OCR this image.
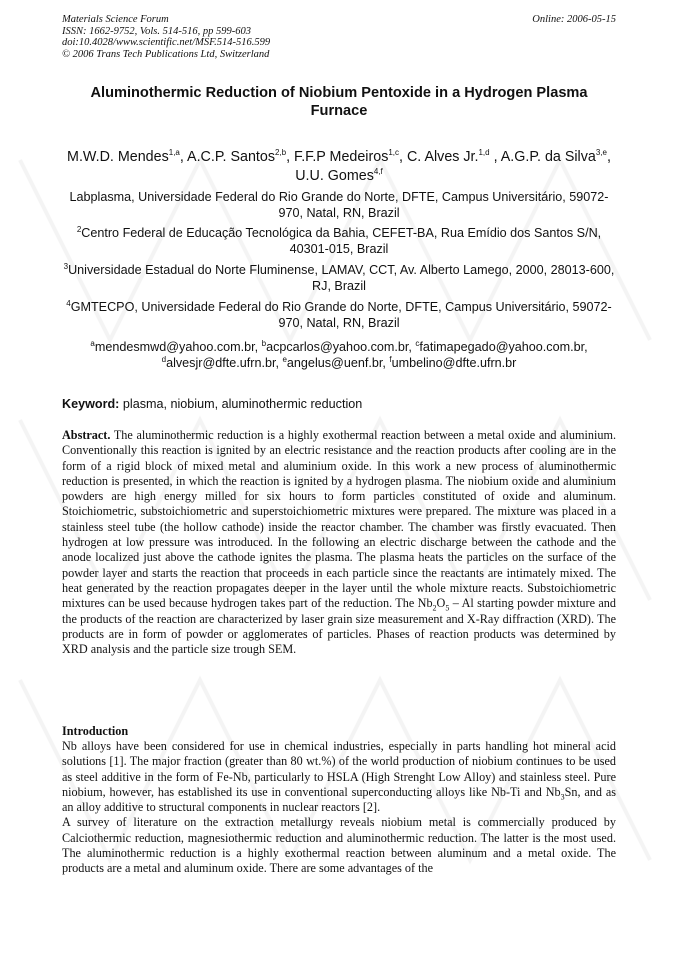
Materials Science Forum
ISSN: 1662-9752, Vols. 514-516, pp 599-603
doi:10.4028/www.scientific.net/MSF.514-516.599
© 2006 Trans Tech Publications Ltd, Switzerland
Online: 2006-05-15
Aluminothermic Reduction of Niobium Pentoxide in a Hydrogen Plasma Furnace
M.W.D. Mendes$^{1,a}$, A.C.P. Santos$^{2,b}$, F.F.P Medeiros$^{1,c}$, C. Alves Jr.$^{1,d}$ , A.G.P. da Silva$^{3,e}$, U.U. Gomes$^{4,f}$
Labplasma, Universidade Federal do Rio Grande do Norte, DFTE, Campus Universitário, 59072-970, Natal, RN, Brazil
$^2$Centro Federal de Educação Tecnológica da Bahia, CEFET-BA, Rua Emídio dos Santos S/N, 40301-015, Brazil
$^3$Universidade Estadual do Norte Fluminense, LAMAV, CCT, Av. Alberto Lamego, 2000, 28013-600, RJ, Brazil
$^4$GMTECPO, Universidade Federal do Rio Grande do Norte, DFTE, Campus Universitário, 59072-970, Natal, RN, Brazil
$^a$mendesmwd@yahoo.com.br, $^b$acpcarlos@yahoo.com.br, $^c$fatimapegado@yahoo.com.br,
$^d$alvesjr@dfte.ufrn.br, $^e$angelus@uenf.br, $^f$umbelino@dfte.ufrn.br
Keyword: plasma, niobium, aluminothermic reduction
Abstract. The aluminothermic reduction is a highly exothermal reaction between a metal oxide and aluminium. Conventionally this reaction is ignited by an electric resistance and the reaction products after cooling are in the form of a rigid block of mixed metal and aluminium oxide. In this work a new process of aluminothermic reduction is presented, in which the reaction is ignited by a hydrogen plasma. The niobium oxide and aluminium powders are high energy milled for six hours to form particles constituted of oxide and aluminum. Stoichiometric, substoichiometric and superstoichiometric mixtures were prepared. The mixture was placed in a stainless steel tube (the hollow cathode) inside the reactor chamber. The chamber was firstly evacuated. Then hydrogen at low pressure was introduced. In the following an electric discharge between the cathode and the anode localized just above the cathode ignites the plasma. The plasma heats the particles on the surface of the powder layer and starts the reaction that proceeds in each particle since the reactants are intimately mixed. The heat generated by the reaction propagates deeper in the layer until the whole mixture reacts. Substoichiometric mixtures can be used because hydrogen takes part of the reduction. The $Nb_2O_5$ – Al starting powder mixture and the products of the reaction are characterized by laser grain size measurement and X-Ray diffraction (XRD). The products are in form of powder or agglomerates of particles. Phases of reaction products was determined by XRD analysis and the particle size trough SEM.
Introduction

Nb alloys have been considered for use in chemical industries, especially in parts handling hot mineral acid solutions [1]. The major fraction (greater than 80 wt.%) of the world production of niobium continues to be used as steel additive in the form of Fe-Nb, particularly to HSLA (High Strenght Low Alloy) and stainless steel. Pure niobium, however, has established its use in conventional superconducting alloys like Nb-Ti and $Nb_3Sn$, and as an alloy additive to structural components in nuclear reactors [2].

A survey of literature on the extraction metallurgy reveals niobium metal is commercially produced by Calciothermic reduction, magnesiothermic reduction and aluminothermic reduction. The latter is the most used. The aluminothermic reduction is a highly exothermal reaction between aluminum and a metal oxide. The products are a metal and aluminum oxide. There are some advantages of the
